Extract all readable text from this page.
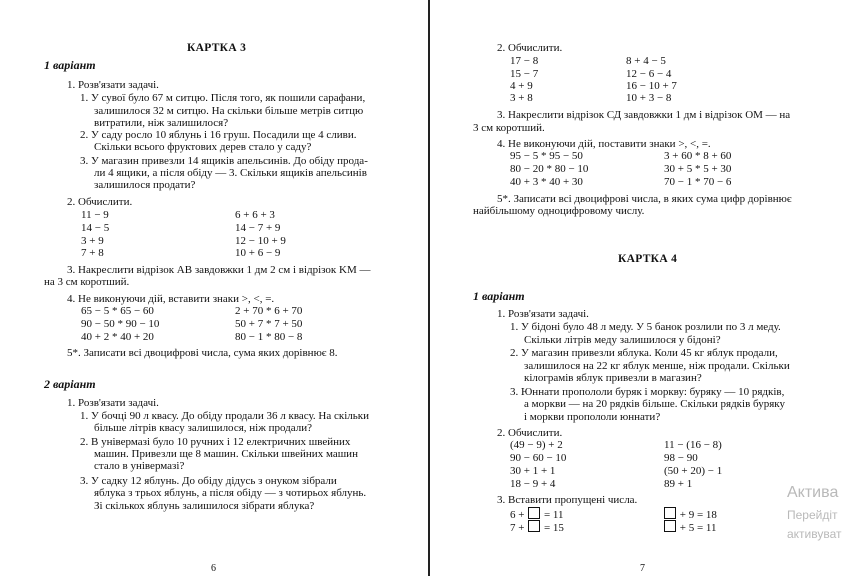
КАРТКА 3
1 варіант
1. Розв'язати задачі.
1. У сувої було 67 м ситцю. Після того, як пошили сарафани,
залишилося 32 м ситцю. На скільки більше метрів ситцю
витратили, ніж залишилося?
2. У саду росло 10 яблунь і 16 груш. Посадили ще 4 сливи.
Скільки всього фруктових дерев стало у саду?
3. У магазин привезли 14 ящиків апельсинів. До обіду прода-
ли 4 ящики, а після обіду — 3. Скільки ящиків апельсинів
залишилося продати?
2. Обчислити.
11 − 9
14 − 5
3 + 9
7 + 8
6 + 6 + 3
14 − 7 + 9
12 − 10 + 9
10 + 6 − 9
3. Накреслити відрізок AB завдовжки 1 дм 2 см і відрізок KM —
на 3 см коротший.
4. Не виконуючи дій, вставити знаки >, <, =.
65 − 5 * 65 − 60
90 − 50 * 90 − 10
40 + 2 * 40 + 20
2 + 70 * 6 + 70
50 + 7 * 7 + 50
80 − 1 * 80 − 8
5*. Записати всі двоцифрові числа, сума яких дорівнює 8.
2 варіант
1. Розв'язати задачі.
1. У бочці 90 л квасу. До обіду продали 36 л квасу. На скільки
більше літрів квасу залишилося, ніж продали?
2. В універмазі було 10 ручних і 12 електричних швейних
машин. Привезли ще 8 машин. Скільки швейних машин
стало в універмазі?
3. У садку 12 яблунь. До обіду дідусь з онуком зібрали
яблука з трьох яблунь, а після обіду — з чотирьох яблунь.
Зі скількох яблунь залишилося зібрати яблука?
6
2. Обчислити.
17 − 8
15 − 7
4 + 9
3 + 8
8 + 4 − 5
12 − 6 − 4
16 − 10 + 7
10 + 3 − 8
3. Накреслити відрізок СД завдовжки 1 дм і відрізок ОМ — на
3 см коротший.
4. Не виконуючи дій, поставити знаки >, <, =.
95 − 5 * 95 − 50
80 − 20 * 80 − 10
40 + 3 * 40 + 30
3 + 60 * 8 + 60
30 + 5 * 5 + 30
70 − 1 * 70 − 6
5*. Записати всі двоцифрові числа, в яких сума цифр дорівнює
найбільшому одноцифровому числу.
КАРТКА 4
1 варіант
1. Розв'язати задачі.
1. У бідоні було 48 л меду. У 5 банок розлили по 3 л меду.
Скільки літрів меду залишилося у бідоні?
2. У магазин привезли яблука. Коли 45 кг яблук продали,
залишилося на 22 кг яблук менше, ніж продали. Скільки
кілограмів яблук привезли в магазин?
3. Юннати пропололи буряк і моркву: буряку — 10 рядків,
а моркви — на 20 рядків більше. Скільки рядків буряку
і моркви пропололи юннати?
2. Обчислити.
(49 − 9) + 2
90 − 60 − 10
30 + 1 + 1
18 − 9 + 4
11 − (16 − 8)
98 − 90
(50 + 20) − 1
89 + 1
3. Вставити пропущені числа.
6 + = 11
7 + = 15
+ 9 = 18
+ 5 = 11
7
Актива
Перейдіт
активуват
